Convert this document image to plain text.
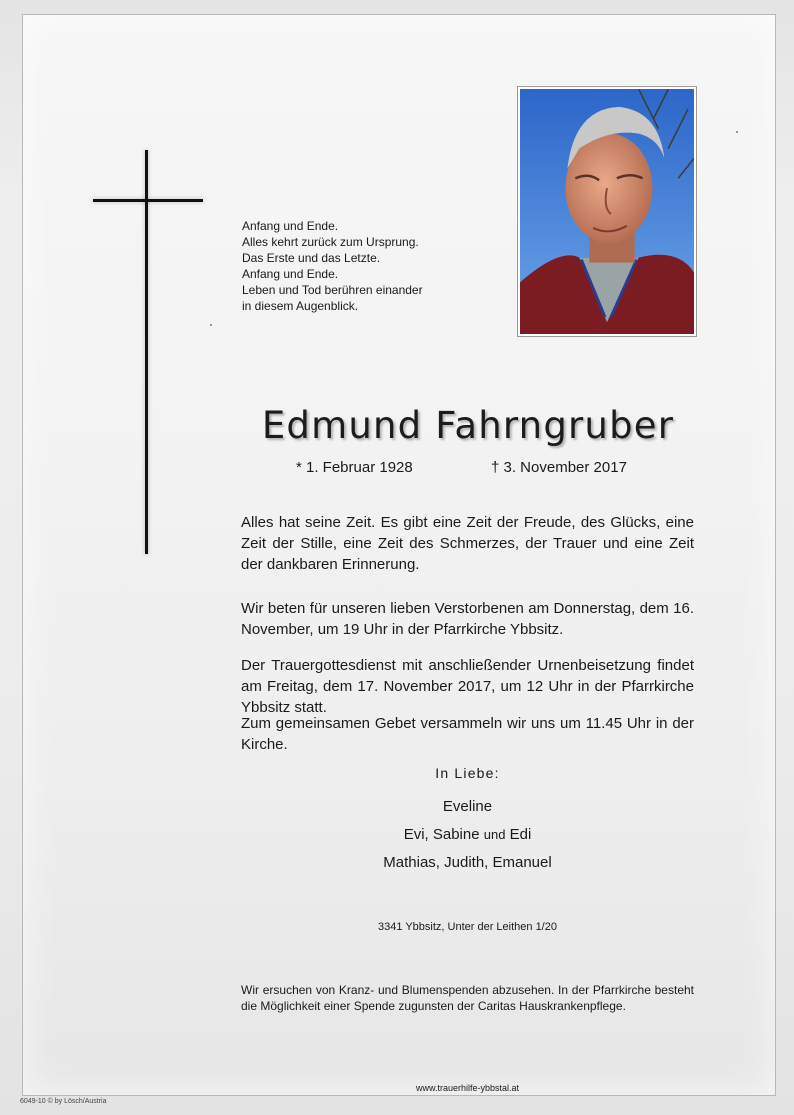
Anfang und Ende.
Alles kehrt zurück zum Ursprung.
Das Erste und das Letzte.
Anfang und Ende.
Leben und Tod berühren einander
in diesem Augenblick.
Edmund Fahrngruber
* 1. Februar 1928	† 3. November 2017
Alles hat seine Zeit. Es gibt eine Zeit der Freude, des Glücks, eine Zeit der Stille, eine Zeit des Schmerzes, der Trauer und eine Zeit der dankbaren Erinnerung.
Wir beten für unseren lieben Verstorbenen am Donnerstag, dem 16. November, um 19 Uhr in der Pfarrkirche Ybbsitz.
Der Trauergottesdienst mit anschließender Urnenbeisetzung findet am Freitag, dem 17. November 2017, um 12 Uhr in der Pfarrkirche Ybbsitz statt.
Zum gemeinsamen Gebet versammeln wir uns um 11.45 Uhr in der Kirche.
In Liebe:
Eveline
Evi, Sabine und Edi
Mathias, Judith, Emanuel
3341 Ybbsitz, Unter der Leithen 1/20
Wir ersuchen von Kranz- und Blumenspenden abzusehen. In der Pfarrkirche besteht die Möglichkeit einer Spende zugunsten der Caritas Hauskrankenpflege.
www.trauerhilfe-ybbstal.at
6049-10 © by Lösch/Austria
